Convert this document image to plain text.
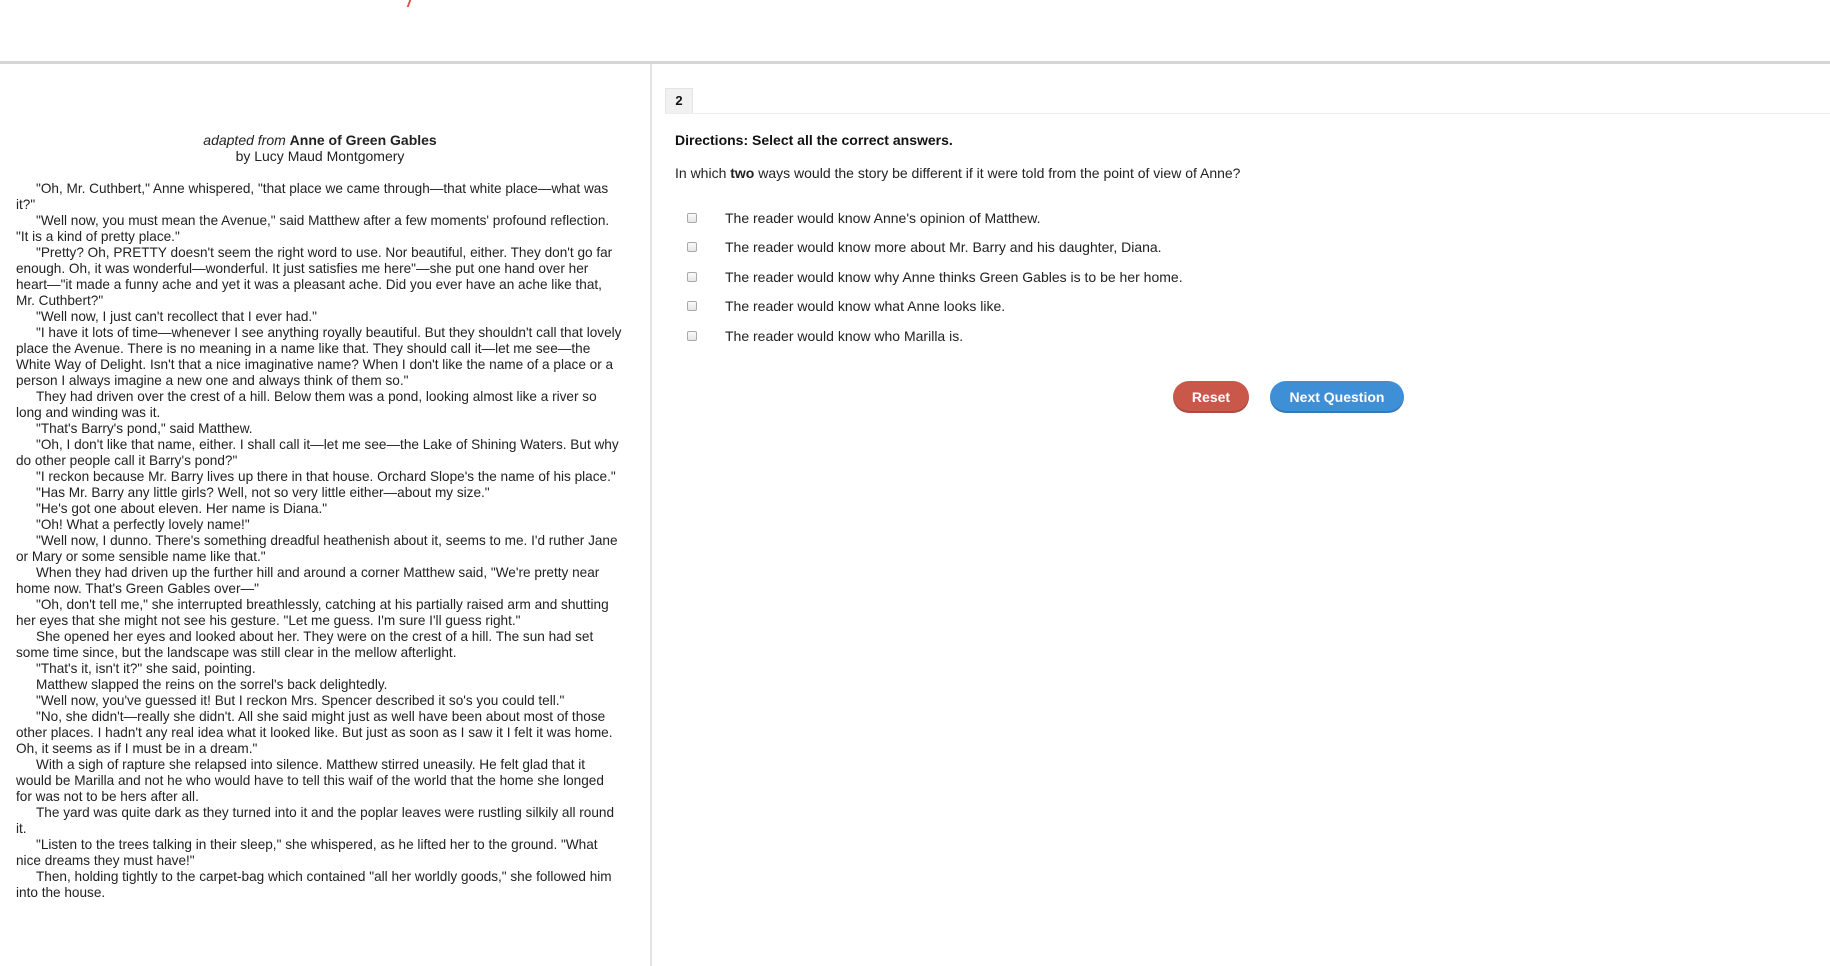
adapted from Anne of Green Gables
by Lucy Maud Montgomery

"Oh, Mr. Cuthbert," Anne whispered, "that place we came through—that white place—what was it?"

"Well now, you must mean the Avenue," said Matthew after a few moments' profound reflection. "It is a kind of pretty place."

"Pretty? Oh, PRETTY doesn't seem the right word to use. Nor beautiful, either. They don't go far enough. Oh, it was wonderful—wonderful. It just satisfies me here"—she put one hand over her heart—"it made a funny ache and yet it was a pleasant ache. Did you ever have an ache like that, Mr. Cuthbert?"

"Well now, I just can't recollect that I ever had."

"I have it lots of time—whenever I see anything royally beautiful. But they shouldn't call that lovely place the Avenue. There is no meaning in a name like that. They should call it—let me see—the White Way of Delight. Isn't that a nice imaginative name? When I don't like the name of a place or a person I always imagine a new one and always think of them so."

They had driven over the crest of a hill. Below them was a pond, looking almost like a river so long and winding was it.

"That's Barry's pond," said Matthew.

"Oh, I don't like that name, either. I shall call it—let me see—the Lake of Shining Waters. But why do other people call it Barry's pond?"

"I reckon because Mr. Barry lives up there in that house. Orchard Slope's the name of his place."

"Has Mr. Barry any little girls? Well, not so very little either—about my size."

"He's got one about eleven. Her name is Diana."

"Oh! What a perfectly lovely name!"

"Well now, I dunno. There's something dreadful heathenish about it, seems to me. I'd ruther Jane or Mary or some sensible name like that."

When they had driven up the further hill and around a corner Matthew said, "We're pretty near home now. That's Green Gables over—"

"Oh, don't tell me," she interrupted breathlessly, catching at his partially raised arm and shutting her eyes that she might not see his gesture. "Let me guess. I'm sure I'll guess right."

She opened her eyes and looked about her. They were on the crest of a hill. The sun had set some time since, but the landscape was still clear in the mellow afterlight.

"That's it, isn't it?" she said, pointing.

Matthew slapped the reins on the sorrel's back delightedly.

"Well now, you've guessed it! But I reckon Mrs. Spencer described it so's you could tell."

"No, she didn't—really she didn't. All she said might just as well have been about most of those other places. I hadn't any real idea what it looked like. But just as soon as I saw it I felt it was home. Oh, it seems as if I must be in a dream."

With a sigh of rapture she relapsed into silence. Matthew stirred uneasily. He felt glad that it would be Marilla and not he who would have to tell this waif of the world that the home she longed for was not to be hers after all.

The yard was quite dark as they turned into it and the poplar leaves were rustling silkily all round it.

"Listen to the trees talking in their sleep," she whispered, as he lifted her to the ground. "What nice dreams they must have!"

Then, holding tightly to the carpet-bag which contained "all her worldly goods," she followed him into the house.

2
Directions: Select all the correct answers.
In which two ways would the story be different if it were told from the point of view of Anne?
The reader would know Anne's opinion of Matthew.
The reader would know more about Mr. Barry and his daughter, Diana.
The reader would know why Anne thinks Green Gables is to be her home.
The reader would know what Anne looks like.
The reader would know who Marilla is.
Reset	Next Question
